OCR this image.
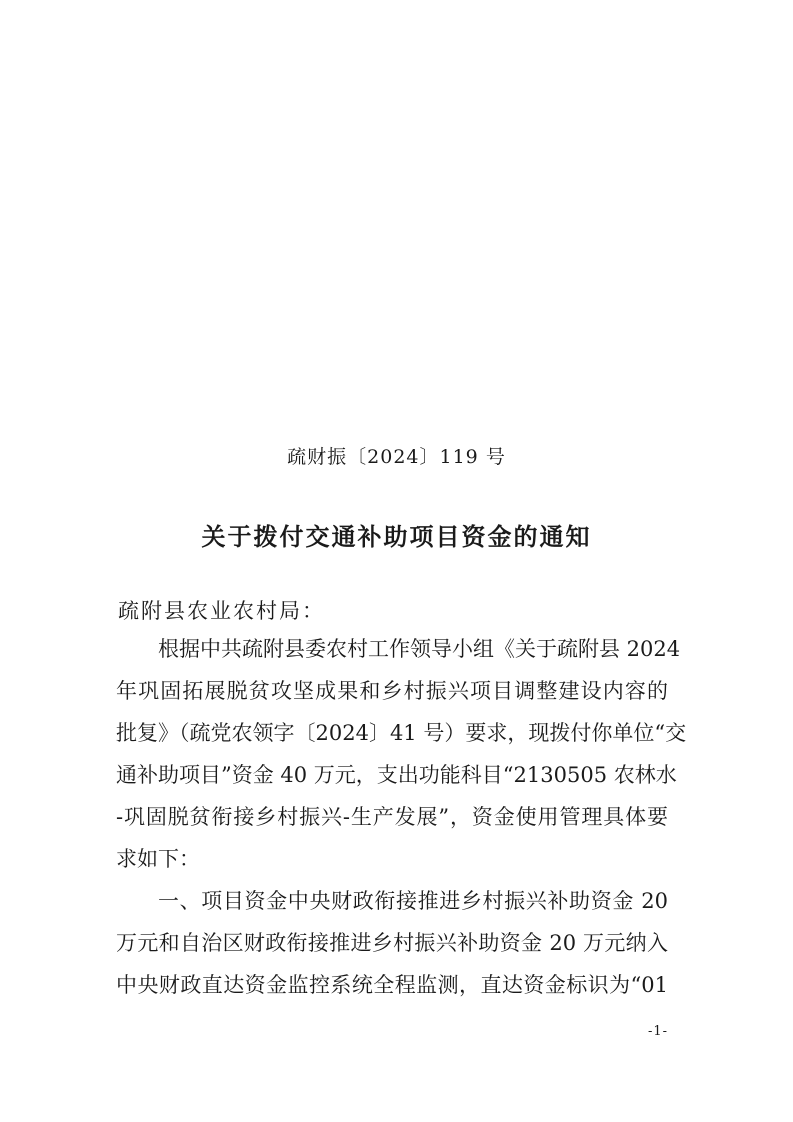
疏财振〔2024〕119 号
关于拨付交通补助项目资金的通知
疏附县农业农村局：
根据中共疏附县委农村工作领导小组《关于疏附县 2024
年巩固拓展脱贫攻坚成果和乡村振兴项目调整建设内容的
批复》（疏党农领字〔2024〕41 号）要求，现拨付你单位“交
通补助项目”资金 40 万元，支出功能科目“2130505 农林水
-巩固脱贫衔接乡村振兴-生产发展”，资金使用管理具体要
求如下：
一、项目资金中央财政衔接推进乡村振兴补助资金 20
万元和自治区财政衔接推进乡村振兴补助资金 20 万元纳入
中央财政直达资金监控系统全程监测，直达资金标识为“01
-1-
